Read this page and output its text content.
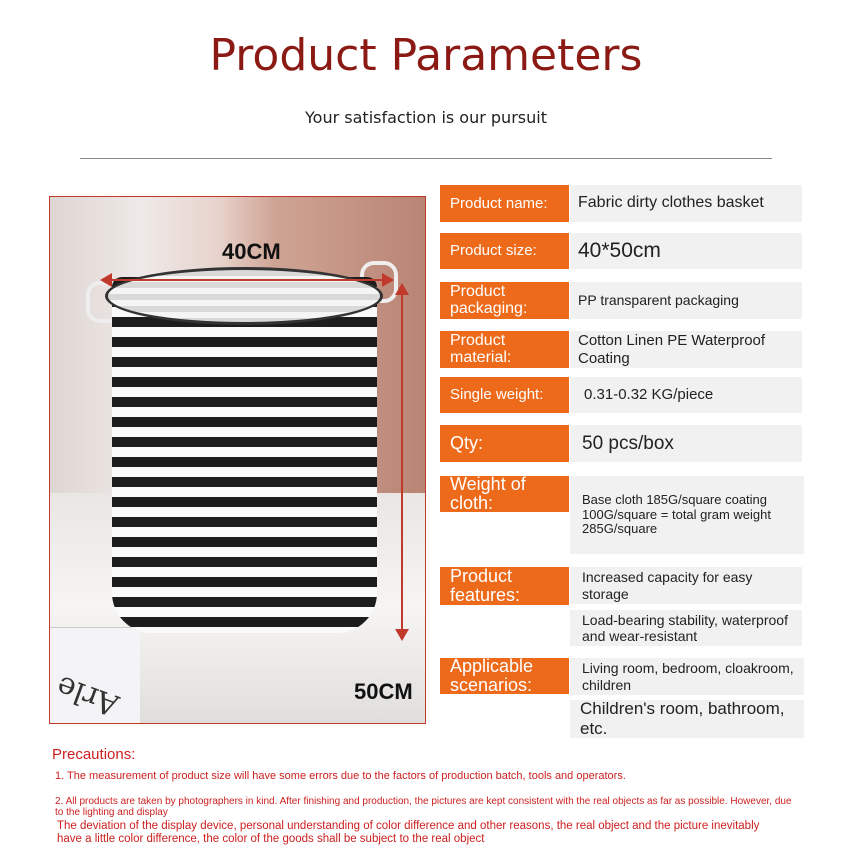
Product Parameters
Your satisfaction is our pursuit
Arle
40CM
50CM
Product name:	Fabric dirty clothes basket
Product size:	40*50cm
Product packaging:	PP transparent packaging
Product material:
Cotton Linen PE Waterproof Coating
Single weight:	0.31-0.32 KG/piece
Qty:	50 pcs/box
Weight of cloth:	Base cloth 185G/square coating 100G/square = total gram weight 285G/square
Product features:
Increased capacity for easy storage
Load-bearing stability, waterproof and wear-resistant
Applicable scenarios:
Living room, bedroom, cloakroom, children
Children's room, bathroom, etc.
Precautions:
1. The measurement of product size will have some errors due to the factors of production batch, tools and operators.
2. All products are taken by photographers in kind. After finishing and production, the pictures are kept consistent with the real objects as far as possible. However, due to the lighting and display
The deviation of the display device, personal understanding of color difference and other reasons, the real object and the picture inevitably have a little color difference, the color of the goods shall be subject to the real object
